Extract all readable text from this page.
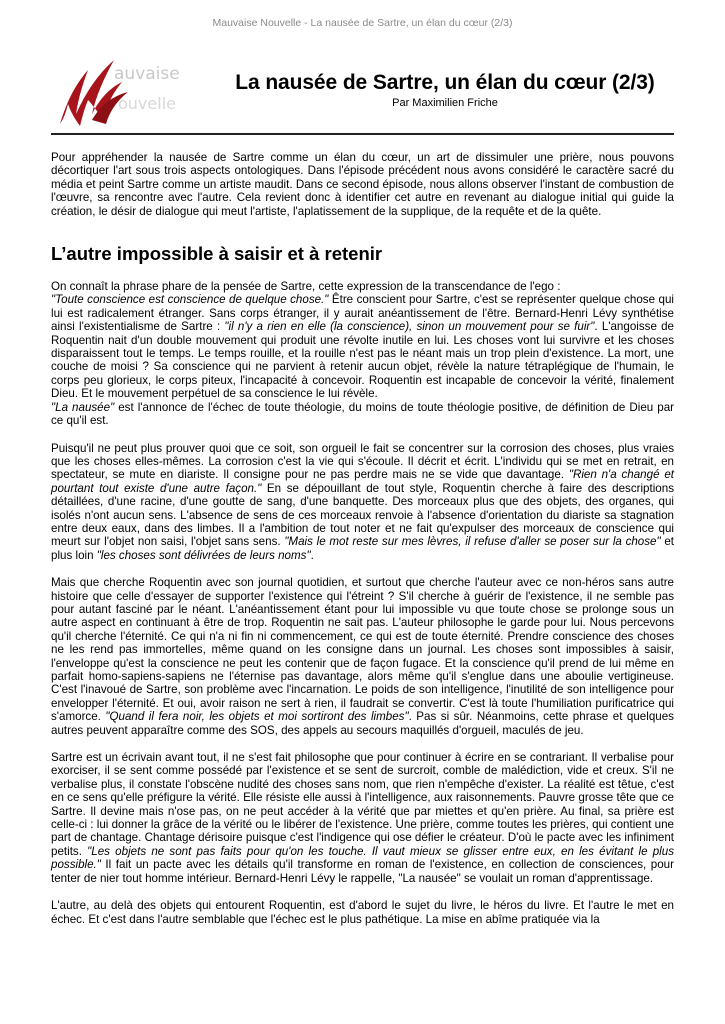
Mauvaise Nouvelle - La nausée de Sartre, un élan du cœur (2/3)
auvaise
ouvelle
La nausée de Sartre, un élan du cœur (2/3)
Par Maximilien Friche

Pour appréhender la nausée de Sartre comme un élan du cœur, un art de dissimuler une prière, nous pouvons décortiquer l'art sous trois aspects ontologiques. Dans l'épisode précédent nous avons considéré le caractère sacré du média et peint Sartre comme un artiste maudit. Dans ce second épisode, nous allons observer l'instant de combustion de l'œuvre, sa rencontre avec l'autre. Cela revient donc à identifier cet autre en revenant au dialogue initial qui guide la création, le désir de dialogue qui meut l'artiste, l'aplatissement de la supplique, de la requête et de la quête.

L’autre impossible à saisir et à retenir

On connaît la phrase phare de la pensée de Sartre, cette expression de la transcendance de l'ego :
"Toute conscience est conscience de quelque chose." Être conscient pour Sartre, c'est se représenter quelque chose qui lui est radicalement étranger. Sans corps étranger, il y aurait anéantissement de l'être. Bernard-Henri Lévy synthétise ainsi l'existentialisme de Sartre : "il n'y a rien en elle (la conscience), sinon un mouvement pour se fuir". L'angoisse de Roquentin nait d'un double mouvement qui produit une révolte inutile en lui. Les choses vont lui survivre et les choses disparaissent tout le temps. Le temps rouille, et la rouille n'est pas le néant mais un trop plein d'existence. La mort, une couche de moisi ? Sa conscience qui ne parvient à retenir aucun objet, révèle la nature tétraplégique de l'humain, le corps peu glorieux, le corps piteux, l'incapacité à concevoir. Roquentin est incapable de concevoir la vérité, finalement Dieu. Et le mouvement perpétuel de sa conscience le lui révèle.
"La nausée" est l'annonce de l'échec de toute théologie, du moins de toute théologie positive, de définition de Dieu par ce qu'il est.

Puisqu'il ne peut plus prouver quoi que ce soit, son orgueil le fait se concentrer sur la corrosion des choses, plus vraies que les choses elles-mêmes. La corrosion c'est la vie qui s'écoule. Il décrit et écrit. L'individu qui se met en retrait, en spectateur, se mute en diariste. Il consigne pour ne pas perdre mais ne se vide que davantage. "Rien n'a changé et pourtant tout existe d'une autre façon." En se dépouillant de tout style, Roquentin cherche à faire des descriptions détaillées, d'une racine, d'une goutte de sang, d'une banquette. Des morceaux plus que des objets, des organes, qui isolés n'ont aucun sens. L'absence de sens de ces morceaux renvoie à l'absence d'orientation du diariste sa stagnation entre deux eaux, dans des limbes. Il a l'ambition de tout noter et ne fait qu'expulser des morceaux de conscience qui meurt sur l'objet non saisi, l'objet sans sens. "Mais le mot reste sur mes lèvres, il refuse d'aller se poser sur la chose" et plus loin "les choses sont délivrées de leurs noms".

Mais que cherche Roquentin avec son journal quotidien, et surtout que cherche l'auteur avec ce non-héros sans autre histoire que celle d'essayer de supporter l'existence qui l'étreint ? S'il cherche à guérir de l'existence, il ne semble pas pour autant fasciné par le néant. L'anéantissement étant pour lui impossible vu que toute chose se prolonge sous un autre aspect en continuant à être de trop. Roquentin ne sait pas. L'auteur philosophe le garde pour lui. Nous percevons qu'il cherche l'éternité. Ce qui n'a ni fin ni commencement, ce qui est de toute éternité. Prendre conscience des choses ne les rend pas immortelles, même quand on les consigne dans un journal. Les choses sont impossibles à saisir, l'enveloppe qu'est la conscience ne peut les contenir que de façon fugace. Et la conscience qu'il prend de lui même en parfait homo-sapiens-sapiens ne l'éternise pas davantage, alors même qu'il s'englue dans une aboulie vertigineuse. C'est l'inavoué de Sartre, son problème avec l'incarnation. Le poids de son intelligence, l'inutilité de son intelligence pour envelopper l'éternité. Et oui, avoir raison ne sert à rien, il faudrait se convertir. C'est là toute l'humiliation purificatrice qui s'amorce. "Quand il fera noir, les objets et moi sortiront des limbes". Pas si sûr. Néanmoins, cette phrase et quelques autres peuvent apparaître comme des SOS, des appels au secours maquillés d'orgueil, maculés de jeu.

Sartre est un écrivain avant tout, il ne s'est fait philosophe que pour continuer à écrire en se contrariant. Il verbalise pour exorciser, il se sent comme possédé par l'existence et se sent de surcroit, comble de malédiction, vide et creux. S'il ne verbalise plus, il constate l'obscène nudité des choses sans nom, que rien n'empêche d'exister. La réalité est têtue, c'est en ce sens qu'elle préfigure la vérité. Elle résiste elle aussi à l'intelligence, aux raisonnements. Pauvre grosse tête que ce Sartre. Il devine mais n'ose pas, on ne peut accéder à la vérité que par miettes et qu'en prière. Au final, sa prière est celle-ci : lui donner la grâce de la vérité ou le libérer de l'existence. Une prière, comme toutes les prières, qui contient une part de chantage. Chantage dérisoire puisque c'est l'indigence qui ose défier le créateur. D'où le pacte avec les infiniment petits. "Les objets ne sont pas faits pour qu'on les touche. Il vaut mieux se glisser entre eux, en les évitant le plus possible." Il fait un pacte avec les détails qu'il transforme en roman de l'existence, en collection de consciences, pour tenter de nier tout homme intérieur. Bernard-Henri Lévy le rappelle, "La nausée" se voulait un roman d'apprentissage.

L'autre, au delà des objets qui entourent Roquentin, est d'abord le sujet du livre, le héros du livre. Et l'autre le met en échec. Et c'est dans l'autre semblable que l'échec est le plus pathétique. La mise en abîme pratiquée via la
